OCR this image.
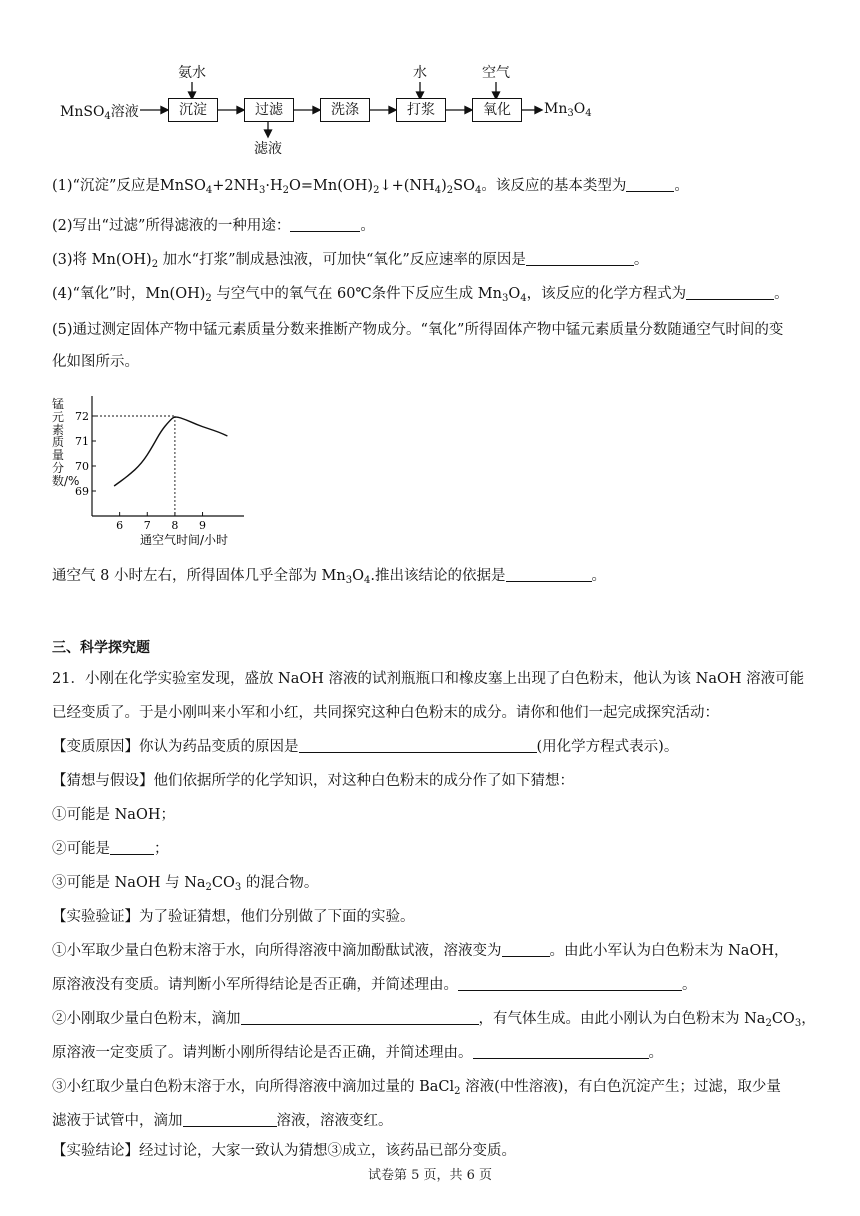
MnSO$_4$溶液	沉淀	过滤	洗涤	打浆	氧化
氨水	水	空气
滤液
$Mn_3O_4$
(1)“沉淀”反应是$MnSO_4+2NH_3\cdot H_2O=Mn(OH)_2↓+(NH_4)_2SO_4$。该反应的基本类型为	。
(2)写出“过滤”所得滤液的一种用途：	。
(3)将 $Mn(OH)_2$ 加水“打浆”制成悬浊液，可加快“氧化”反应速率的原因是	。
(4)“氧化”时，$Mn(OH)_2$ 与空气中的氧气在 60℃条件下反应生成 $Mn_3O_4$，该反应的化学方程式为	。
(5)通过测定固体产物中锰元素质量分数来推断产物成分。“氧化”所得固体产物中锰元素质量分数随通空气时间的变
化如图所示。
6 7 8 9
69
70
71
72
通空气时间/小时
锰元素质量分数/%
通空气 8 小时左右，所得固体几乎全部为 $Mn_3O_4$.推出该结论的依据是	。
三、科学探究题
21．小刚在化学实验室发现，盛放 NaOH 溶液的试剂瓶瓶口和橡皮塞上出现了白色粉末，他认为该 NaOH 溶液可能
已经变质了。于是小刚叫来小军和小红，共同探究这种白色粉末的成分。请你和他们一起完成探究活动：
【变质原因】你认为药品变质的原因是	(用化学方程式表示)。
【猜想与假设】他们依据所学的化学知识，对这种白色粉末的成分作了如下猜想：
①可能是 NaOH；
②可能是	；
③可能是 NaOH 与 $Na_2CO_3$ 的混合物。
【实验验证】为了验证猜想，他们分别做了下面的实验。
①小军取少量白色粉末溶于水，向所得溶液中滴加酚酞试液，溶液变为	。由此小军认为白色粉末为 NaOH，
原溶液没有变质。请判断小军所得结论是否正确，并简述理由。	。
②小刚取少量白色粉末，滴加	，有气体生成。由此小刚认为白色粉末为 $Na_2CO_3$，
原溶液一定变质了。请判断小刚所得结论是否正确，并简述理由。	。
③小红取少量白色粉末溶于水，向所得溶液中滴加过量的 BaCl$_2$ 溶液(中性溶液)，有白色沉淀产生；过滤，取少量
滤液于试管中，滴加	溶液，溶液变红。
【实验结论】经过讨论，大家一致认为猜想③成立，该药品已部分变质。
试卷第 5 页，共 6 页
